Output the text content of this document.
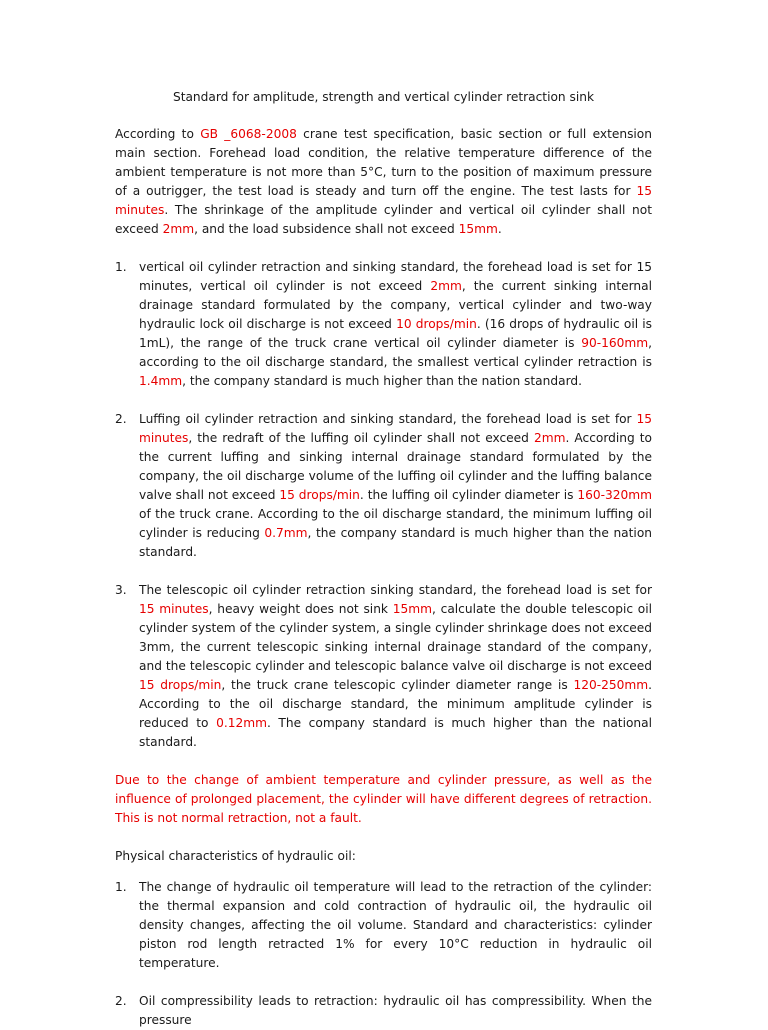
Standard for amplitude, strength and vertical cylinder retraction sink

According to GB _6068-2008 crane test specification, basic section or full extension main section. Forehead load condition, the relative temperature difference of the ambient temperature is not more than 5°C, turn to the position of maximum pressure of a outrigger, the test load is steady and turn off the engine. The test lasts for 15 minutes. The shrinkage of the amplitude cylinder and vertical oil cylinder shall not exceed 2mm, and the load subsidence shall not exceed 15mm.

1. vertical oil cylinder retraction and sinking standard, the forehead load is set for 15 minutes, vertical oil cylinder is not exceed 2mm, the current sinking internal drainage standard formulated by the company, vertical cylinder and two-way hydraulic lock oil discharge is not exceed 10 drops/min. (16 drops of hydraulic oil is 1mL), the range of the truck crane vertical oil cylinder diameter is 90-160mm, according to the oil discharge standard, the smallest vertical cylinder retraction is 1.4mm, the company standard is much higher than the nation standard.
2. Luffing oil cylinder retraction and sinking standard, the forehead load is set for 15 minutes, the redraft of the luffing oil cylinder shall not exceed 2mm. According to the current luffing and sinking internal drainage standard formulated by the company, the oil discharge volume of the luffing oil cylinder and the luffing balance valve shall not exceed 15 drops/min. the luffing oil cylinder diameter is 160-320mm of the truck crane. According to the oil discharge standard, the minimum luffing oil cylinder is reducing 0.7mm, the company standard is much higher than the nation standard.
3. The telescopic oil cylinder retraction sinking standard, the forehead load is set for 15 minutes, heavy weight does not sink 15mm, calculate the double telescopic oil cylinder system of the cylinder system, a single cylinder shrinkage does not exceed 3mm, the current telescopic sinking internal drainage standard of the company, and the telescopic cylinder and telescopic balance valve oil discharge is not exceed 15 drops/min, the truck crane telescopic cylinder diameter range is 120-250mm. According to the oil discharge standard, the minimum amplitude cylinder is reduced to 0.12mm. The company standard is much higher than the national standard.

Due to the change of ambient temperature and cylinder pressure, as well as the influence of prolonged placement, the cylinder will have different degrees of retraction. This is not normal retraction, not a fault.

Physical characteristics of hydraulic oil:

1. The change of hydraulic oil temperature will lead to the retraction of the cylinder: the thermal expansion and cold contraction of hydraulic oil, the hydraulic oil density changes, affecting the oil volume. Standard and characteristics: cylinder piston rod length retracted 1% for every 10°C reduction in hydraulic oil temperature.
2. Oil compressibility leads to retraction: hydraulic oil has compressibility. When the pressure
